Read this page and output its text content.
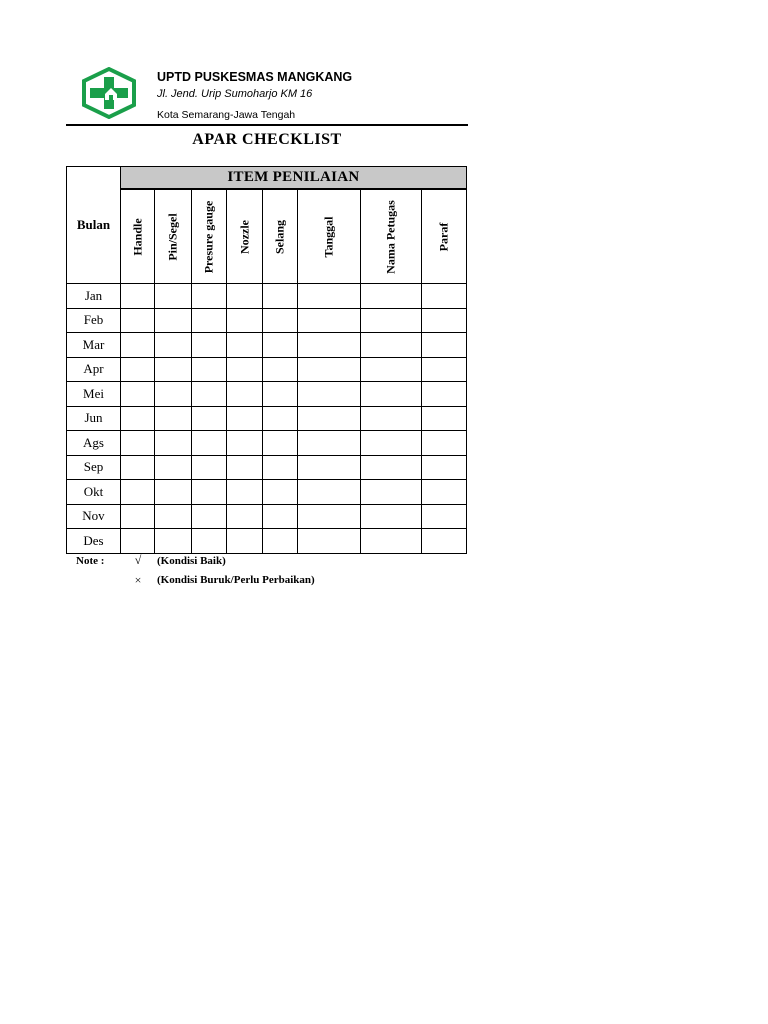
UPTD PUSKESMAS MANGKANG
Jl. Jend. Urip Sumoharjo KM 16
Kota Semarang-Jawa Tengah
APAR CHECKLIST
Bulan	ITEM PENILAIAN							

	Handle	Pin/Segel	Presure gauge	Nozzle	Selang	Tanggal	Nama Petugas	Paraf

Jan								
Feb								
Mar								
Apr								
Mei								
Jun								
Ags								
Sep								
Okt								
Nov								
Des								
Note :	√	(Kondisi Baik)
×	(Kondisi Buruk/Perlu Perbaikan)
